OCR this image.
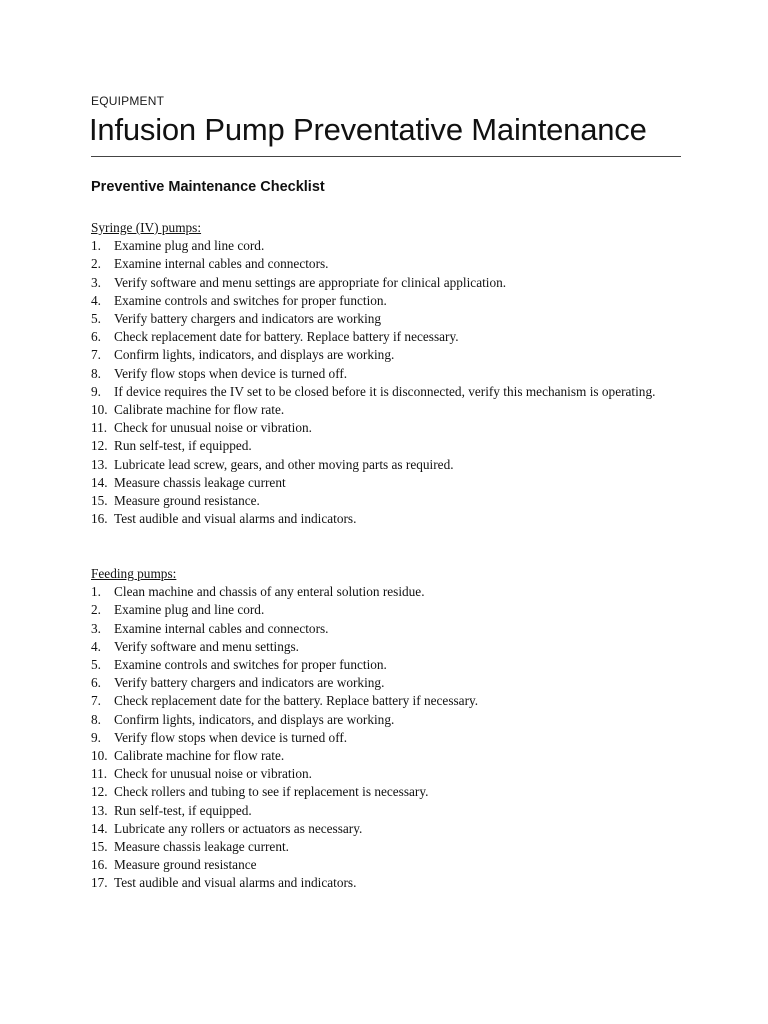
EQUIPMENT
Infusion Pump Preventative Maintenance
Preventive Maintenance Checklist
Syringe (IV) pumps:
1. Examine plug and line cord.
2. Examine internal cables and connectors.
3. Verify software and menu settings are appropriate for clinical application.
4. Examine controls and switches for proper function.
5. Verify battery chargers and indicators are working
6. Check replacement date for battery. Replace battery if necessary.
7. Confirm lights, indicators, and displays are working.
8. Verify flow stops when device is turned off.
9. If device requires the IV set to be closed before it is disconnected, verify this mechanism is operating.
10. Calibrate machine for flow rate.
11. Check for unusual noise or vibration.
12. Run self-test, if equipped.
13. Lubricate lead screw, gears, and other moving parts as required.
14. Measure chassis leakage current
15. Measure ground resistance.
16. Test audible and visual alarms and indicators.
Feeding pumps:
1. Clean machine and chassis of any enteral solution residue.
2. Examine plug and line cord.
3. Examine internal cables and connectors.
4. Verify software and menu settings.
5. Examine controls and switches for proper function.
6. Verify battery chargers and indicators are working.
7. Check replacement date for the battery. Replace battery if necessary.
8. Confirm lights, indicators, and displays are working.
9. Verify flow stops when device is turned off.
10. Calibrate machine for flow rate.
11. Check for unusual noise or vibration.
12. Check rollers and tubing to see if replacement is necessary.
13. Run self-test, if equipped.
14. Lubricate any rollers or actuators as necessary.
15. Measure chassis leakage current.
16. Measure ground resistance
17. Test audible and visual alarms and indicators.
